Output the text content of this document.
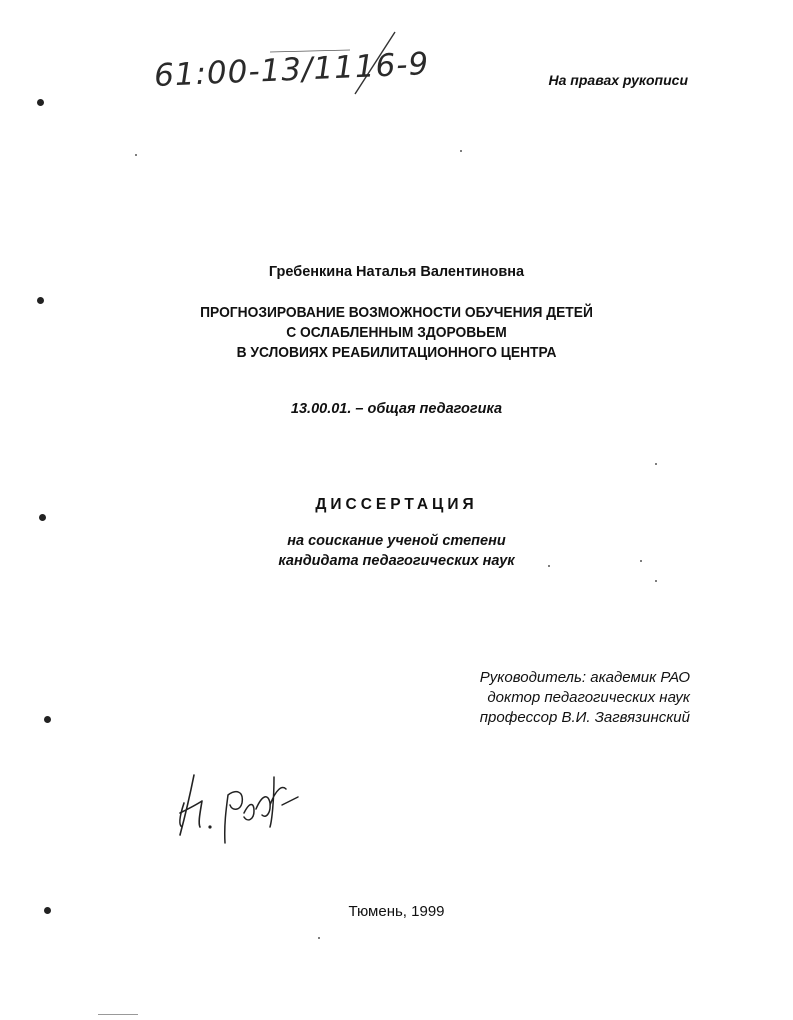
61:00-13/1116-9	На правах рукописи
Гребенкина Наталья Валентиновна
ПРОГНОЗИРОВАНИЕ ВОЗМОЖНОСТИ ОБУЧЕНИЯ ДЕТЕЙ
С ОСЛАБЛЕННЫМ ЗДОРОВЬЕМ
В УСЛОВИЯХ РЕАБИЛИТАЦИОННОГО ЦЕНТРА
13.00.01. – общая педагогика
ДИССЕРТАЦИЯ
на соискание ученой степени
кандидата педагогических наук
Руководитель: академик РАО
доктор педагогических наук
профессор В.И. Загвязинский
Тюмень, 1999
